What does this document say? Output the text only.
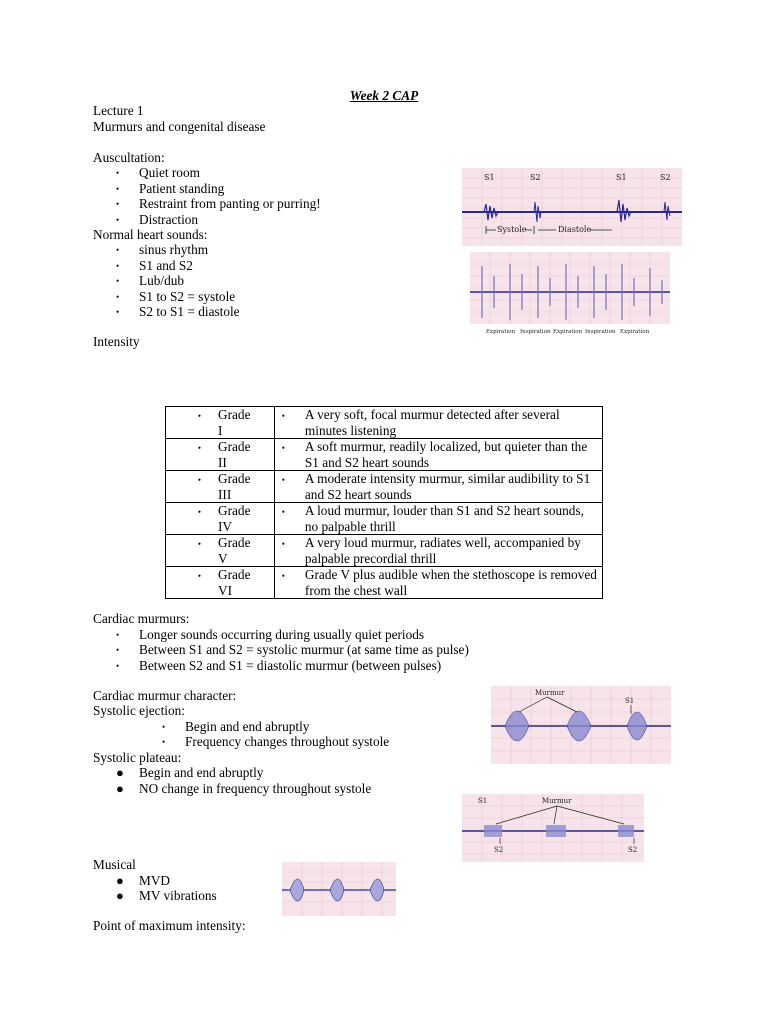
Week 2 CAP
Lecture 1
Murmurs and congenital disease
Auscultation:
• Quiet room
• Patient standing
• Restraint from panting or purring!
• Distraction
Normal heart sounds:
• sinus rhythm
• S1 and S2
• Lub/dub
• S1 to S2 = systole
• S2 to S1 = diastole
Intensity
S1	S2	S1	S2
Systole	Diastole
Expiration Inspiration Expiration Inspiration Expiration
• Grade I	• A very soft, focal murmur detected after several minutes listening

• Grade II	• A soft murmur, readily localized, but quieter than the S1 and S2 heart sounds

• Grade III	• A moderate intensity murmur, similar audibility to S1 and S2 heart sounds

• Grade IV	• A loud murmur, louder than S1 and S2 heart sounds, no palpable thrill

• Grade V	• A very loud murmur, radiates well, accompanied by palpable precordial thrill

• Grade VI	• Grade V plus audible when the stethoscope is removed from the chest wall
Cardiac murmurs:
• Longer sounds occurring during usually quiet periods
• Between S1 and S2 = systolic murmur (at same time as pulse)
• Between S2 and S1 = diastolic murmur (between pulses)
Cardiac murmur character:
Systolic ejection:
• Begin and end abruptly
• Frequency changes throughout systole
Systolic plateau:
● Begin and end abruptly
● NO change in frequency throughout systole
Murmur
S1
S1	Murmur
S2	S2
Musical
● MVD
● MV vibrations
Point of maximum intensity:
